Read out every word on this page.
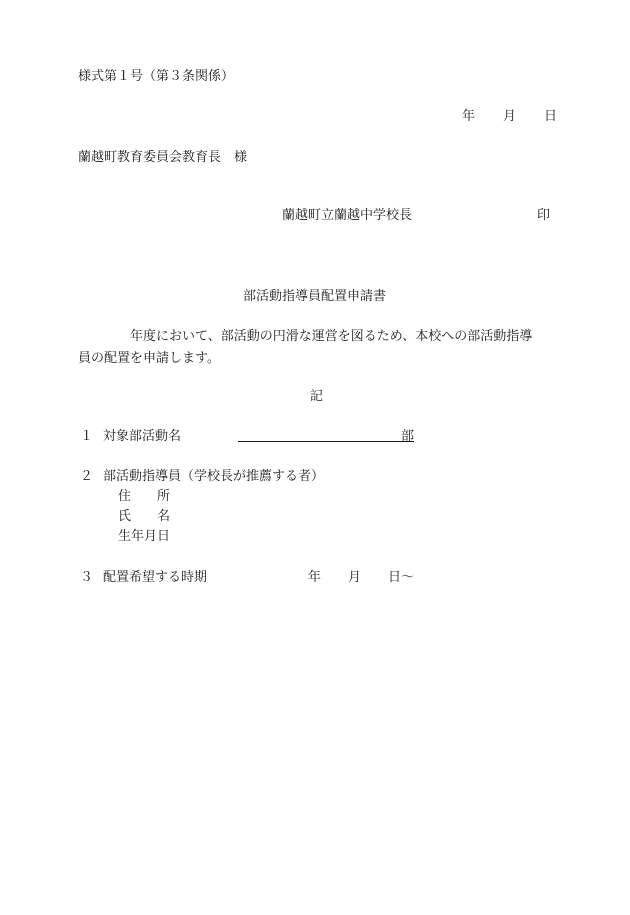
様式第１号（第３条関係）
年 月 日
蘭越町教育委員会教育長　様
蘭越町立蘭越中学校長	印
部活動指導員配置申請書
年度において、部活動の円滑な運営を図るため、本校への部活動指導
員の配置を申請します。
記
１ 対象部活動名	部
２ 部活動指導員（学校長が推薦する者）
住　　所
氏　　名
生年月日
３ 配置希望する時期	年 月 日〜
